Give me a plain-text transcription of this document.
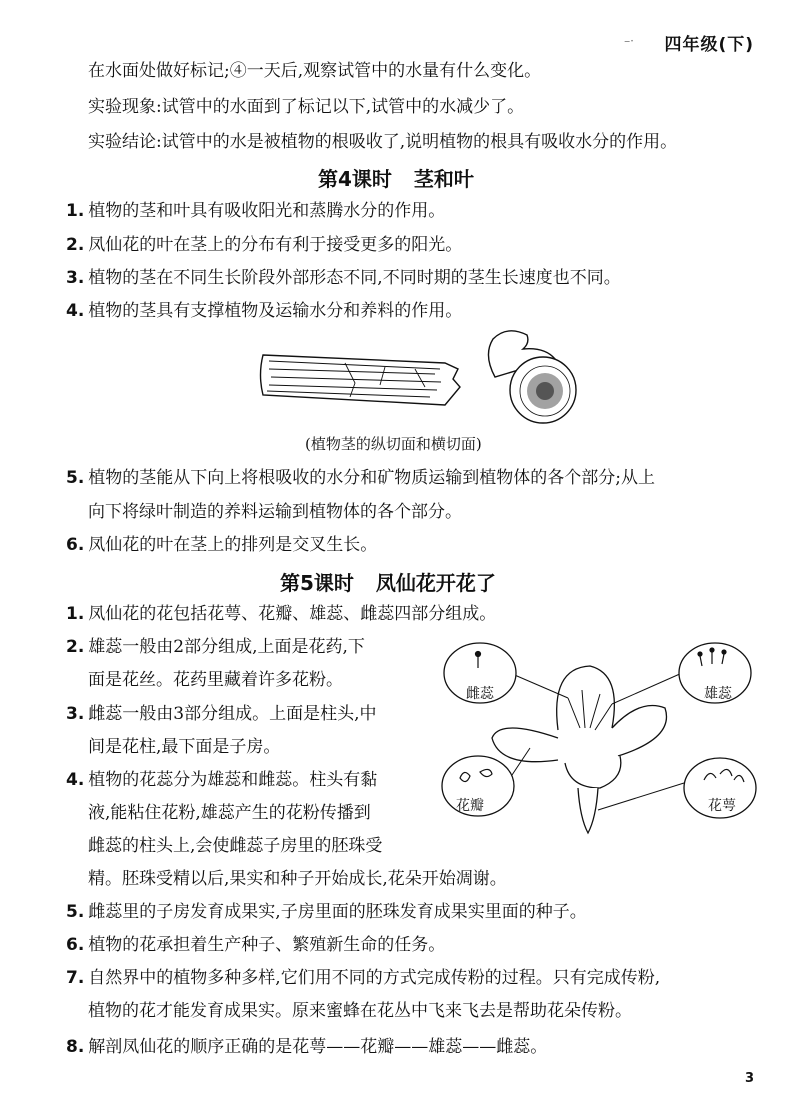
–· 四年级(下)
在水面处做好标记;④一天后,观察试管中的水量有什么变化。
实验现象:试管中的水面到了标记以下,试管中的水减少了。
实验结论:试管中的水是被植物的根吸收了,说明植物的根具有吸收水分的作用。
第4课时 茎和叶
1. 植物的茎和叶具有吸收阳光和蒸腾水分的作用。
2. 凤仙花的叶在茎上的分布有利于接受更多的阳光。
3. 植物的茎在不同生长阶段外部形态不同,不同时期的茎生长速度也不同。
4. 植物的茎具有支撑植物及运输水分和养料的作用。
(植物茎的纵切面和横切面)
5. 植物的茎能从下向上将根吸收的水分和矿物质运输到植物体的各个部分;从上
向下将绿叶制造的养料运输到植物体的各个部分。
6. 凤仙花的叶在茎上的排列是交叉生长。
第5课时 凤仙花开花了
1. 凤仙花的花包括花萼、花瓣、雄蕊、雌蕊四部分组成。
2. 雄蕊一般由2部分组成,上面是花药,下
面是花丝。花药里藏着许多花粉。
3. 雌蕊一般由3部分组成。上面是柱头,中
间是花柱,最下面是子房。
4. 植物的花蕊分为雄蕊和雌蕊。柱头有黏
液,能粘住花粉,雄蕊产生的花粉传播到
雌蕊的柱头上,会使雌蕊子房里的胚珠受
精。胚珠受精以后,果实和种子开始成长,花朵开始凋谢。
雌蕊	雄蕊
花瓣	花萼
5. 雌蕊里的子房发育成果实,子房里面的胚珠发育成果实里面的种子。
6. 植物的花承担着生产种子、繁殖新生命的任务。
7. 自然界中的植物多种多样,它们用不同的方式完成传粉的过程。只有完成传粉,
植物的花才能发育成果实。原来蜜蜂在花丛中飞来飞去是帮助花朵传粉。
8. 解剖凤仙花的顺序正确的是花萼——花瓣——雄蕊——雌蕊。
3
